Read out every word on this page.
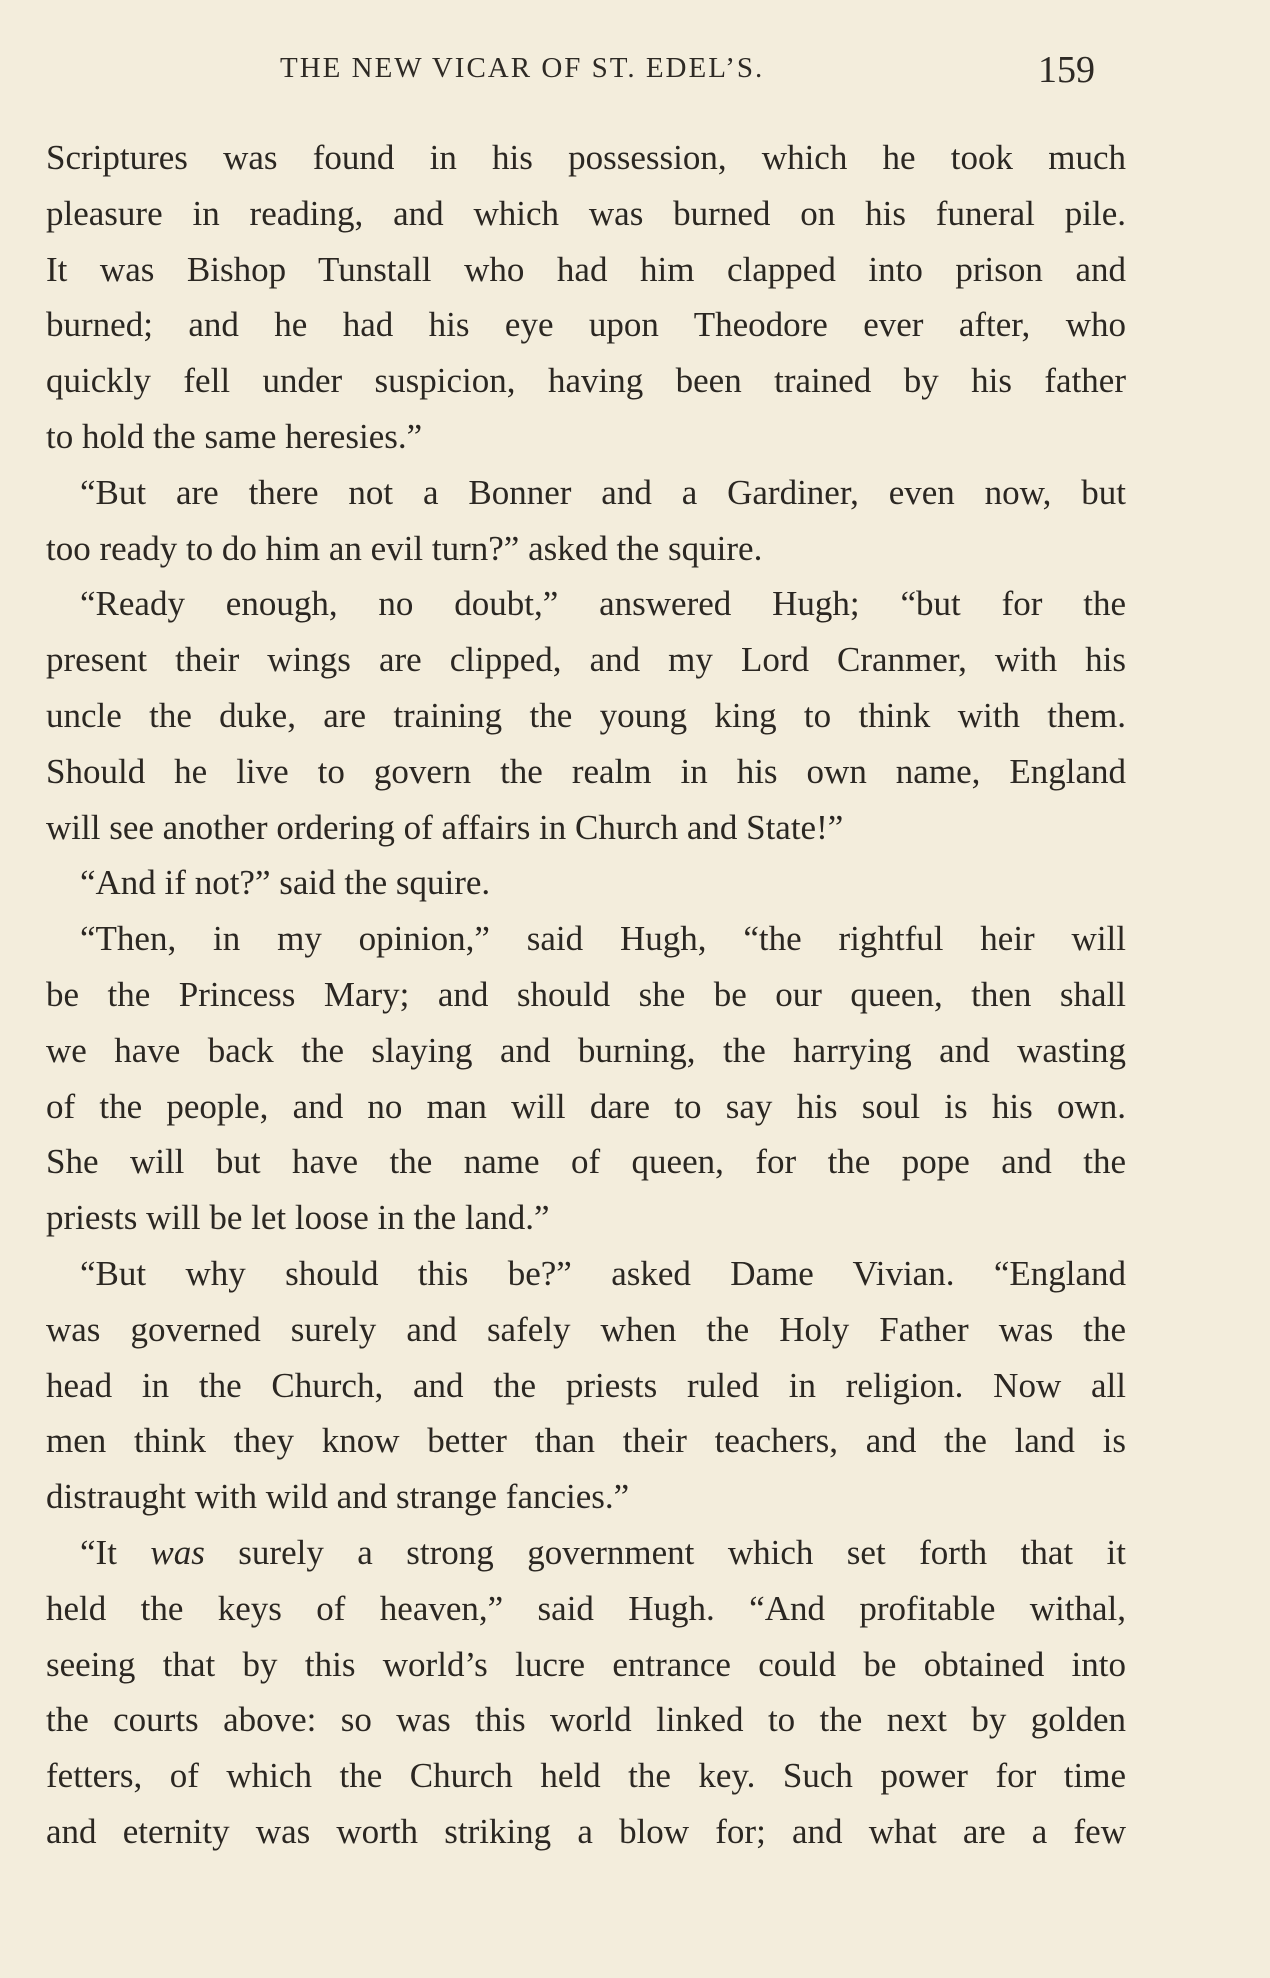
THE NEW VICAR OF ST. EDEL’S.	159
Scriptures was found in his possession, which he took much
pleasure in reading, and which was burned on his funeral pile.
It was Bishop Tunstall who had him clapped into prison and
burned; and he had his eye upon Theodore ever after, who
quickly fell under suspicion, having been trained by his father
to hold the same heresies.”
“But are there not a Bonner and a Gardiner, even now, but
too ready to do him an evil turn?” asked the squire.
“Ready enough, no doubt,” answered Hugh; “but for the
present their wings are clipped, and my Lord Cranmer, with his
uncle the duke, are training the young king to think with them.
Should he live to govern the realm in his own name, England
will see another ordering of affairs in Church and State!”
“And if not?” said the squire.
“Then, in my opinion,” said Hugh, “the rightful heir will
be the Princess Mary; and should she be our queen, then shall
we have back the slaying and burning, the harrying and wasting
of the people, and no man will dare to say his soul is his own.
She will but have the name of queen, for the pope and the
priests will be let loose in the land.”
“But why should this be?” asked Dame Vivian. “England
was governed surely and safely when the Holy Father was the
head in the Church, and the priests ruled in religion. Now all
men think they know better than their teachers, and the land is
distraught with wild and strange fancies.”
“It was surely a strong government which set forth that it
held the keys of heaven,” said Hugh. “And profitable withal,
seeing that by this world’s lucre entrance could be obtained into
the courts above: so was this world linked to the next by golden
fetters, of which the Church held the key. Such power for time
and eternity was worth striking a blow for; and what are a few
